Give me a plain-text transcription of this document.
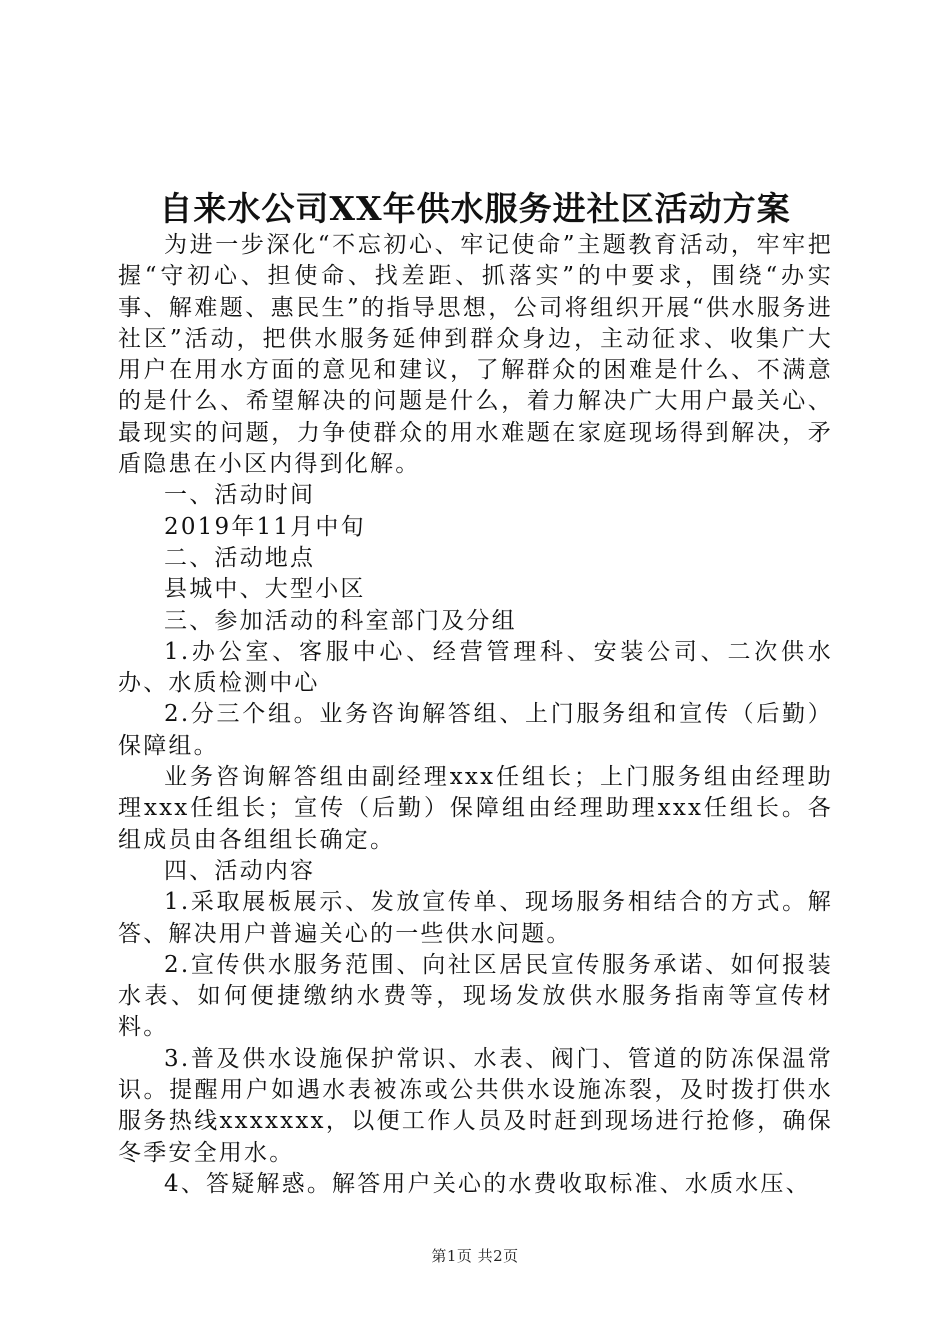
自来水公司XX年供水服务进社区活动方案

为进一步深化“不忘初心、牢记使命”主题教育活动，牢牢把握“守初心、担使命、找差距、抓落实”的中要求，围绕“办实事、解难题、惠民生”的指导思想，公司将组织开展“供水服务进社区”活动，把供水服务延伸到群众身边，主动征求、收集广大用户在用水方面的意见和建议，了解群众的困难是什么、不满意的是什么、希望解决的问题是什么，着力解决广大用户最关心、最现实的问题，力争使群众的用水难题在家庭现场得到解决，矛盾隐患在小区内得到化解。

一、活动时间

2019年11月中旬

二、活动地点

县城中、大型小区

三、参加活动的科室部门及分组

1.办公室、客服中心、经营管理科、安装公司、二次供水办、水质检测中心

2.分三个组。业务咨询解答组、上门服务组和宣传（后勤）保障组。

业务咨询解答组由副经理xxx任组长；上门服务组由经理助理xxx任组长；宣传（后勤）保障组由经理助理xxx任组长。各组成员由各组组长确定。

四、活动内容

1.采取展板展示、发放宣传单、现场服务相结合的方式。解答、解决用户普遍关心的一些供水问题。

2.宣传供水服务范围、向社区居民宣传服务承诺、如何报装水表、如何便捷缴纳水费等，现场发放供水服务指南等宣传材料。

3.普及供水设施保护常识、水表、阀门、管道的防冻保温常识。提醒用户如遇水表被冻或公共供水设施冻裂，及时拨打供水服务热线xxxxxxx，以便工作人员及时赶到现场进行抢修，确保冬季安全用水。

4、答疑解惑。解答用户关心的水费收取标准、水质水压、

第1页 共2页
